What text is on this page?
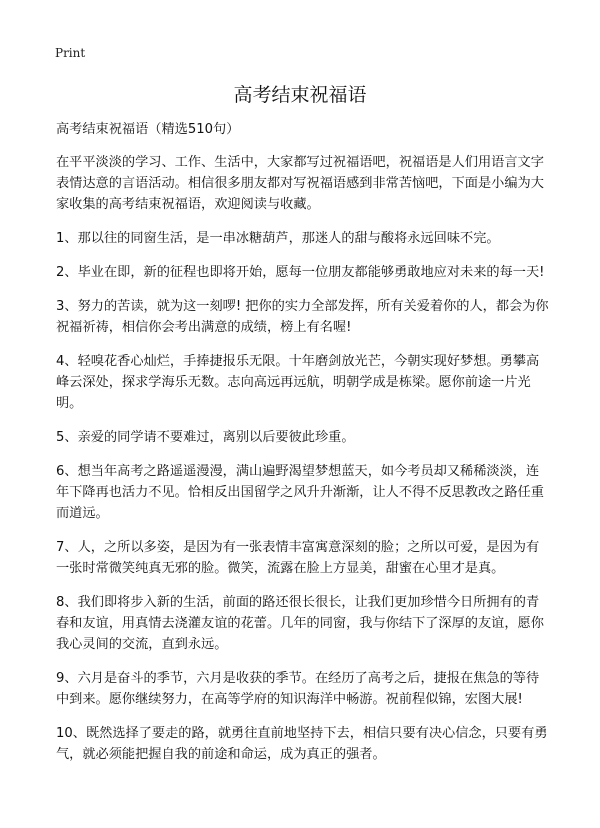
Print
高考结束祝福语

高考结束祝福语（精选510句）

在平平淡淡的学习、工作、生活中，大家都写过祝福语吧，祝福语是人们用语言文字表情达意的言语活动。相信很多朋友都对写祝福语感到非常苦恼吧，下面是小编为大家收集的高考结束祝福语，欢迎阅读与收藏。

1、那以往的同窗生活，是一串冰糖葫芦，那迷人的甜与酸将永远回味不完。

2、毕业在即，新的征程也即将开始，愿每一位朋友都能够勇敢地应对未来的每一天!

3、努力的苦读，就为这一刻啰! 把你的实力全部发挥，所有关爱着你的人，都会为你祝福祈祷，相信你会考出满意的成绩，榜上有名喔!

4、轻嗅花香心灿烂，手捧捷报乐无限。十年磨剑放光芒，今朝实现好梦想。勇攀高峰云深处，探求学海乐无数。志向高远再远航，明朝学成是栋梁。愿你前途一片光明。

5、亲爱的同学请不要难过，离别以后要彼此珍重。

6、想当年高考之路遥遥漫漫，满山遍野渴望梦想蓝天，如今考员却又稀稀淡淡，连年下降再也活力不见。恰相反出国留学之风升升渐渐，让人不得不反思教改之路任重而道远。

7、人，之所以多姿，是因为有一张表情丰富寓意深刻的脸；之所以可爱，是因为有一张时常微笑纯真无邪的脸。微笑，流露在脸上方显美，甜蜜在心里才是真。

8、我们即将步入新的生活，前面的路还很长很长，让我们更加珍惜今日所拥有的青春和友谊，用真情去浇灌友谊的花蕾。几年的同窗，我与你结下了深厚的友谊，愿你我心灵间的交流，直到永远。

9、六月是奋斗的季节，六月是收获的季节。在经历了高考之后，捷报在焦急的等待中到来。愿你继续努力，在高等学府的知识海洋中畅游。祝前程似锦，宏图大展!

10、既然选择了要走的路，就勇往直前地坚持下去，相信只要有决心信念，只要有勇气，就必须能把握自我的前途和命运，成为真正的强者。
